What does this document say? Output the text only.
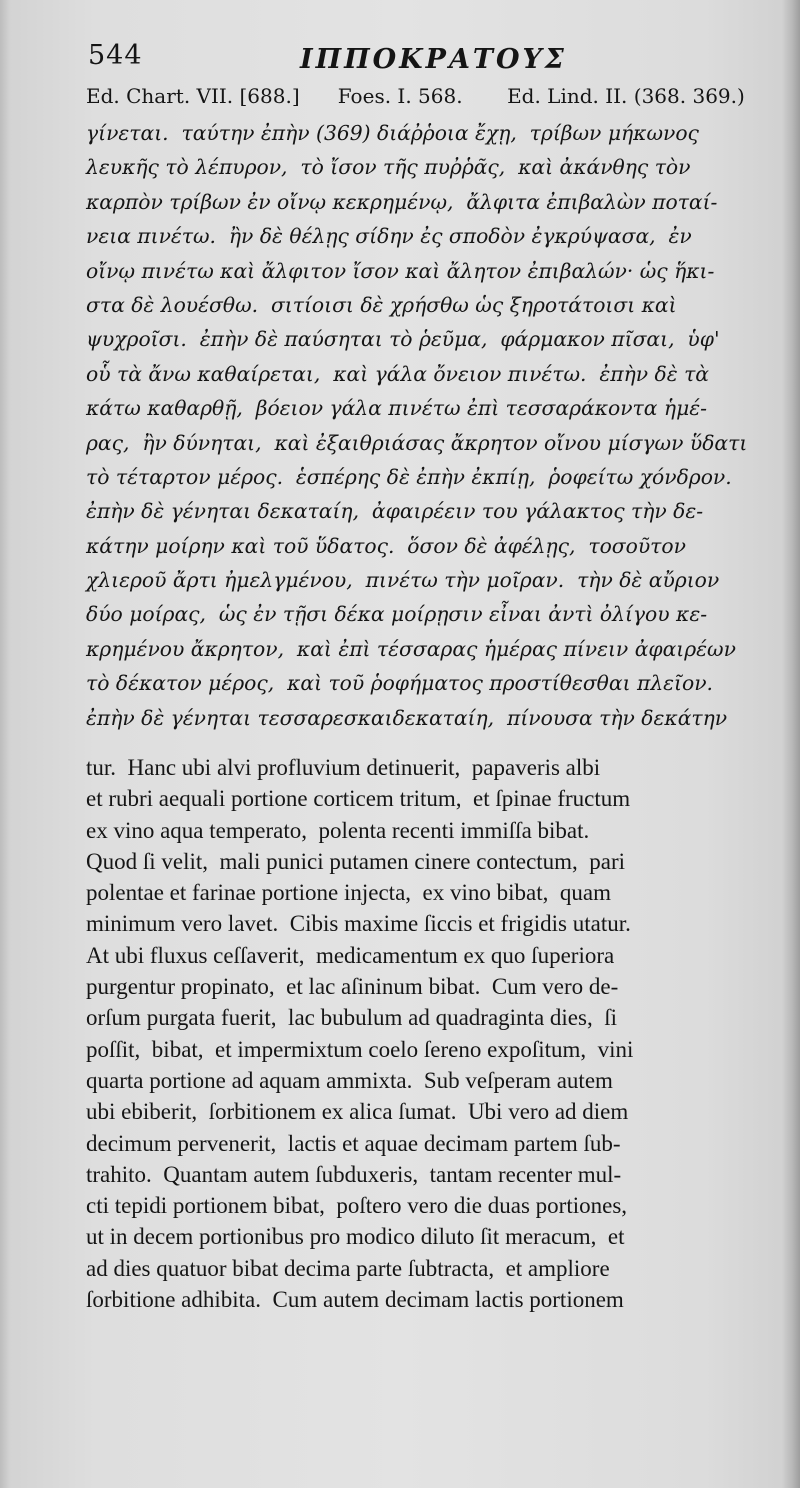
544	ΙΠΠΟΚΡΑΤΟΥΣ
Ed. Chart. VII. [688.]      Foes. I. 568.       Ed. Lind. II. (368. 369.)
γίνεται.  ταύτην ἐπὴν (369) διάῤῥοια ἔχῃ,  τρίβων μήκωνος
λευκῆς τὸ λέπυρον,  τὸ ἴσον τῆς πυῤῥᾶς,  καὶ ἀκάνθης τὸν
καρπὸν τρίβων ἐν οἴνῳ κεκρημένῳ,  ἄλφιτα ἐπιβαλὼν ποταί-
νεια πινέτω.  ἢν δὲ θέλῃς σίδην ἐς σποδὸν ἐγκρύψασα,  ἐν
οἴνῳ πινέτω καὶ ἄλφιτον ἴσον καὶ ἄλητον ἐπιβαλών· ὡς ἥκι-
στα δὲ λουέσθω.  σιτίοισι δὲ χρήσθω ὡς ξηροτάτοισι καὶ
ψυχροῖσι.  ἐπὴν δὲ παύσηται τὸ ῥεῦμα,  φάρμακον πῖσαι,  ὑφ'
οὗ τὰ ἄνω καθαίρεται,  καὶ γάλα ὄνειον πινέτω.  ἐπὴν δὲ τὰ
κάτω καθαρθῇ,  βόειον γάλα πινέτω ἐπὶ τεσσαράκοντα ἡμέ-
ρας,  ἢν δύνηται,  καὶ ἐξαιθριάσας ἄκρητον οἴνου μίσγων ὕδατι
τὸ τέταρτον μέρος.  ἑσπέρης δὲ ἐπὴν ἐκπίῃ,  ῥοφείτω χόνδρον.
ἐπὴν δὲ γένηται δεκαταίη,  ἀφαιρέειν του γάλακτος τὴν δε-
κάτην μοίρην καὶ τοῦ ὕδατος.  ὅσον δὲ ἀφέλῃς,  τοσοῦτον
χλιεροῦ ἄρτι ἠμελγμένου,  πινέτω τὴν μοῖραν.  τὴν δὲ αὔριον
δύο μοίρας,  ὡς ἐν τῇσι δέκα μοίρῃσιν εἶναι ἀντὶ ὀλίγου κε-
κρημένου ἄκρητον,  καὶ ἐπὶ τέσσαρας ἡμέρας πίνειν ἀφαιρέων
τὸ δέκατον μέρος,  καὶ τοῦ ῥοφήματος προστίθεσθαι πλεῖον.
ἐπὴν δὲ γένηται τεσσαρεσκαιδεκαταίη,  πίνουσα τὴν δεκάτην
tur.  Hanc ubi alvi profluvium detinuerit,  papaveris albi
et rubri aequali portione corticem tritum,  et ſpinae fructum
ex vino aqua temperato,  polenta recenti immiſſa bibat.
Quod ſi velit,  mali punici putamen cinere contectum,  pari
polentae et farinae portione injecta,  ex vino bibat,  quam
minimum vero lavet.  Cibis maxime ſiccis et frigidis utatur.
At ubi fluxus ceſſaverit,  medicamentum ex quo ſuperiora
purgentur propinato,  et lac aſininum bibat.  Cum vero de-
orſum purgata fuerit,  lac bubulum ad quadraginta dies,  ſi
poſſit,  bibat,  et impermixtum coelo ſereno expoſitum,  vini
quarta portione ad aquam ammixta.  Sub veſperam autem
ubi ebiberit,  ſorbitionem ex alica ſumat.  Ubi vero ad diem
decimum pervenerit,  lactis et aquae decimam partem ſub-
trahito.  Quantam autem ſubduxeris,  tantam recenter mul-
cti tepidi portionem bibat,  poſtero vero die duas portiones,
ut in decem portionibus pro modico diluto ſit meracum,  et
ad dies quatuor bibat decima parte ſubtracta,  et ampliore
ſorbitione adhibita.  Cum autem decimam lactis portionem
